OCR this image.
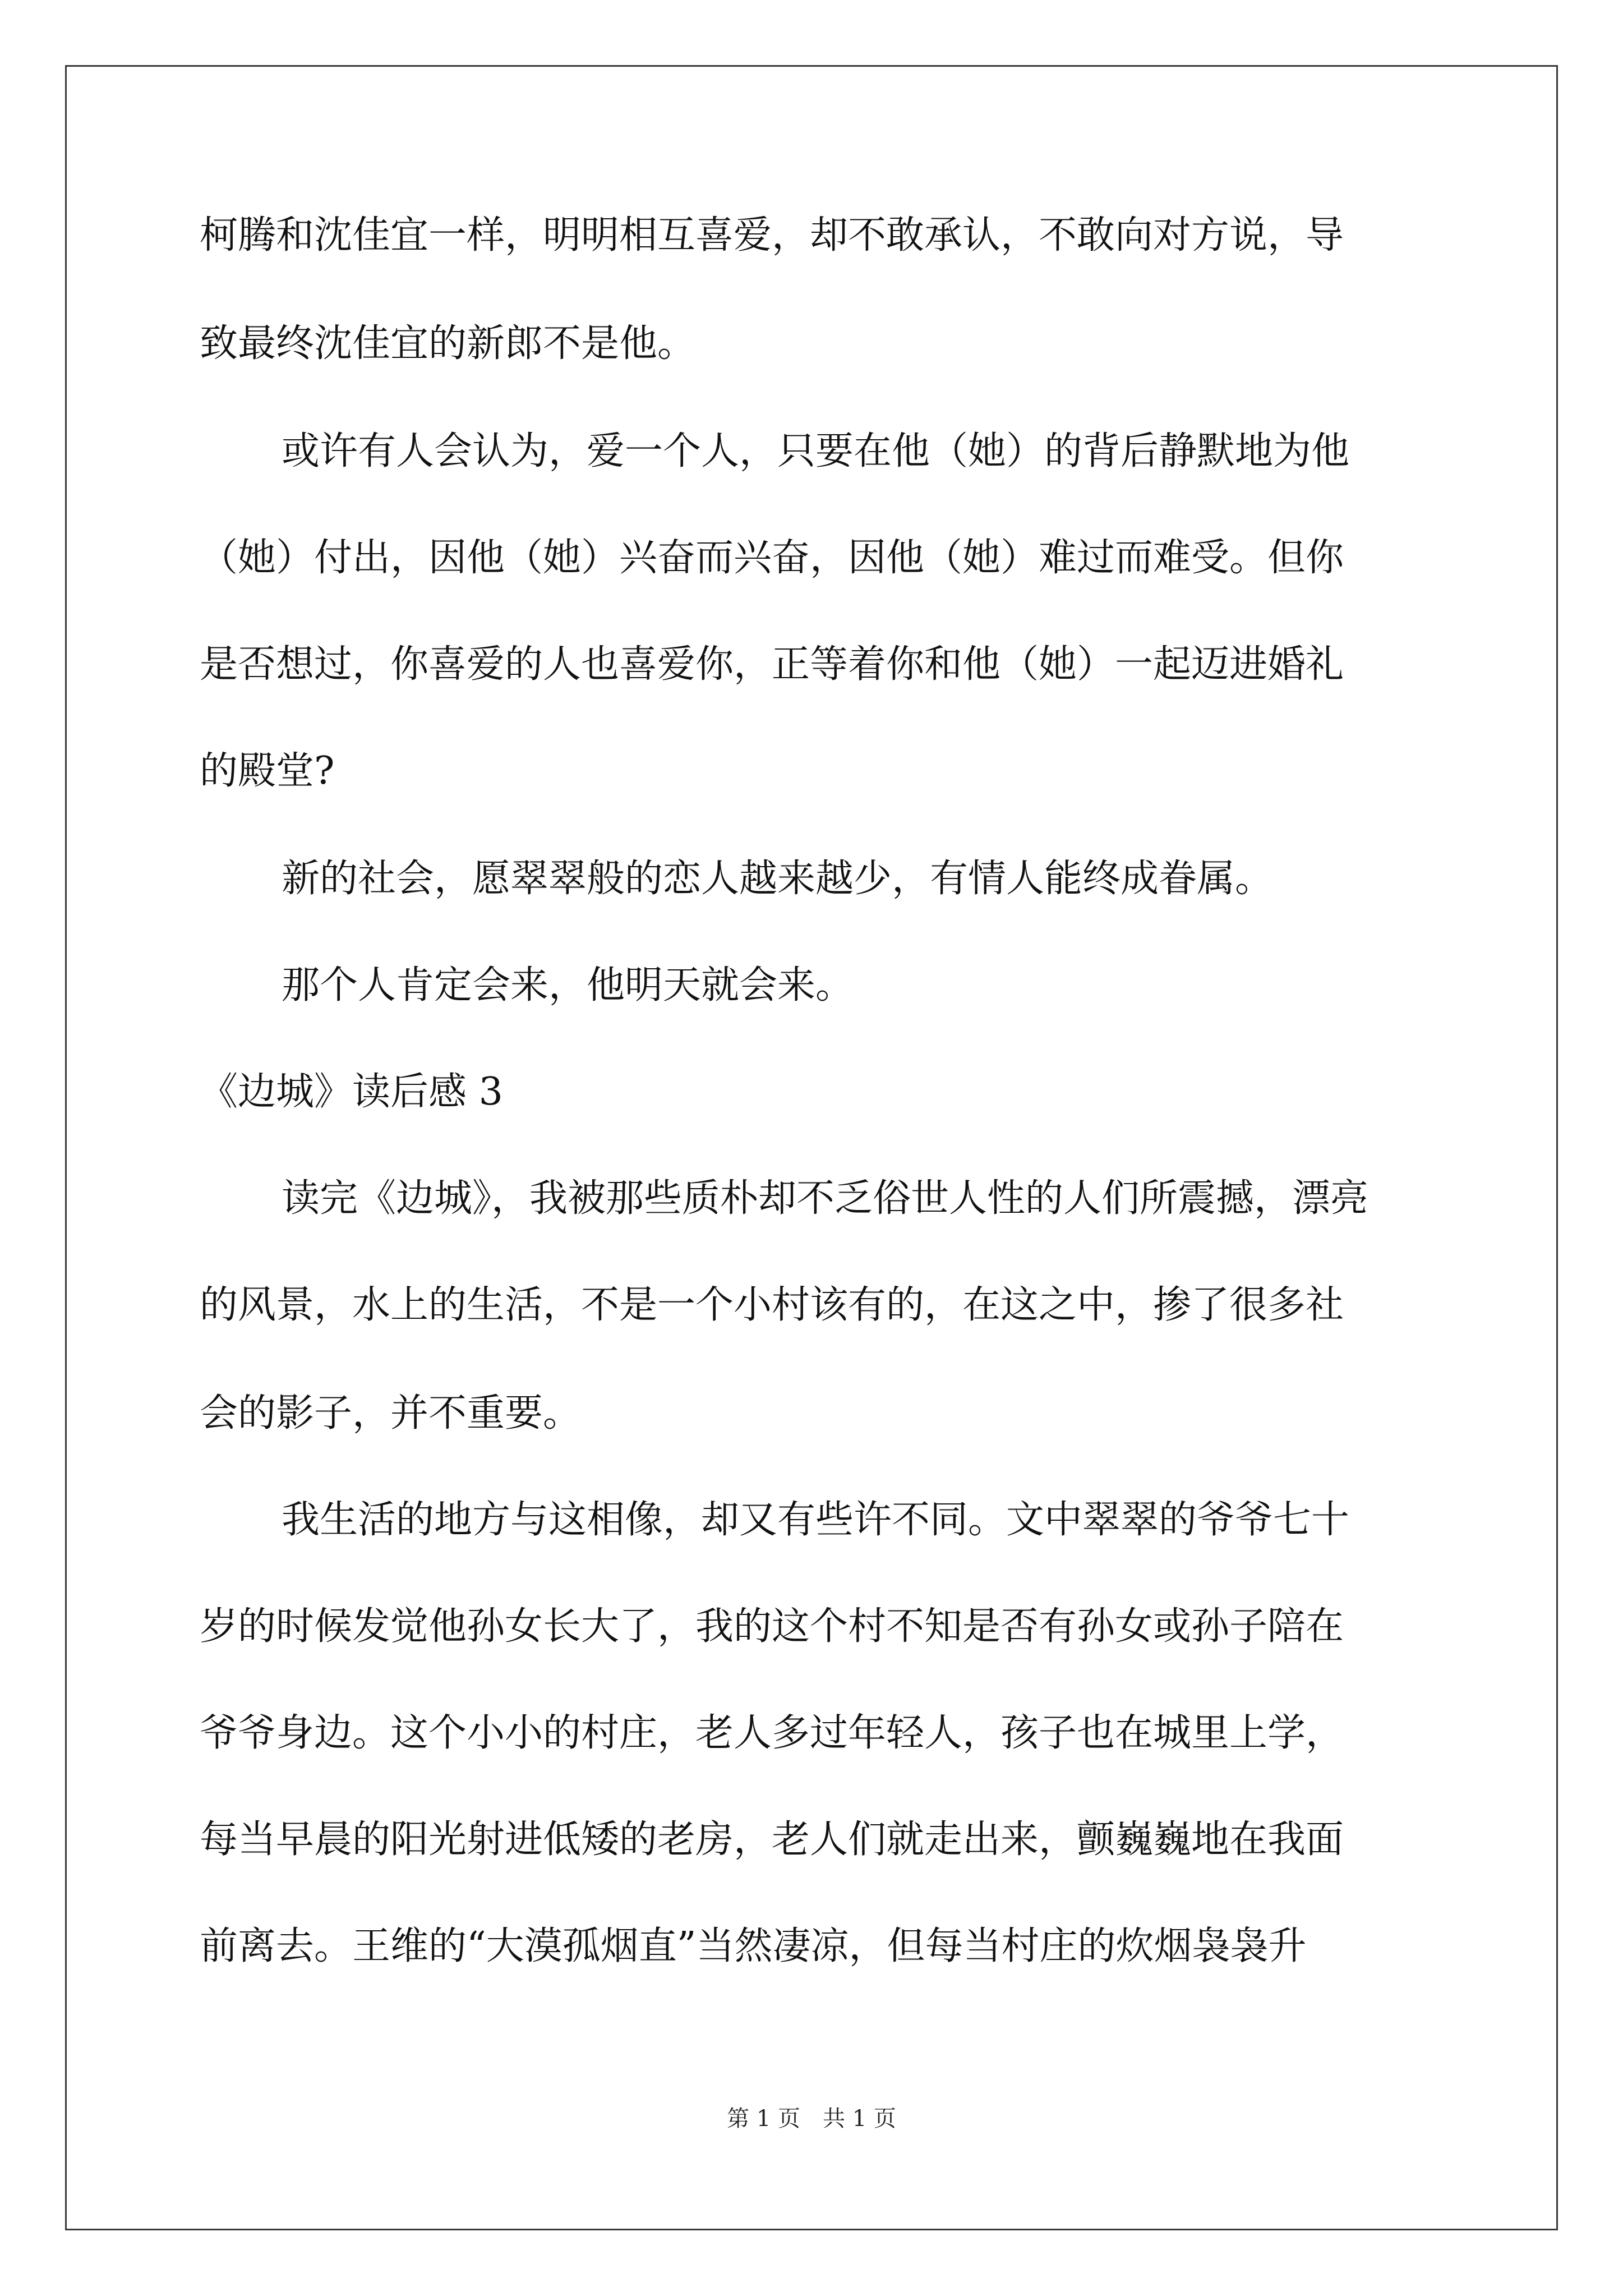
柯腾和沈佳宜一样，明明相互喜爱，却不敢承认，不敢向对方说，导
致最终沈佳宜的新郎不是他。
或许有人会认为，爱一个人，只要在他（她）的背后静默地为他
（她）付出，因他（她）兴奋而兴奋，因他（她）难过而难受。但你
是否想过，你喜爱的人也喜爱你，正等着你和他（她）一起迈进婚礼
的殿堂?
新的社会，愿翠翠般的恋人越来越少，有情人能终成眷属。
那个人肯定会来，他明天就会来。
《边城》读后感 3
读完《边城》，我被那些质朴却不乏俗世人性的人们所震撼，漂亮
的风景，水上的生活，不是一个小村该有的，在这之中，掺了很多社
会的影子，并不重要。
我生活的地方与这相像，却又有些许不同。文中翠翠的爷爷七十
岁的时候发觉他孙女长大了，我的这个村不知是否有孙女或孙子陪在
爷爷身边。这个小小的村庄，老人多过年轻人，孩子也在城里上学，
每当早晨的阳光射进低矮的老房，老人们就走出来，颤巍巍地在我面
前离去。王维的“大漠孤烟直”当然凄凉，但每当村庄的炊烟袅袅升
第 1 页　共 1 页
